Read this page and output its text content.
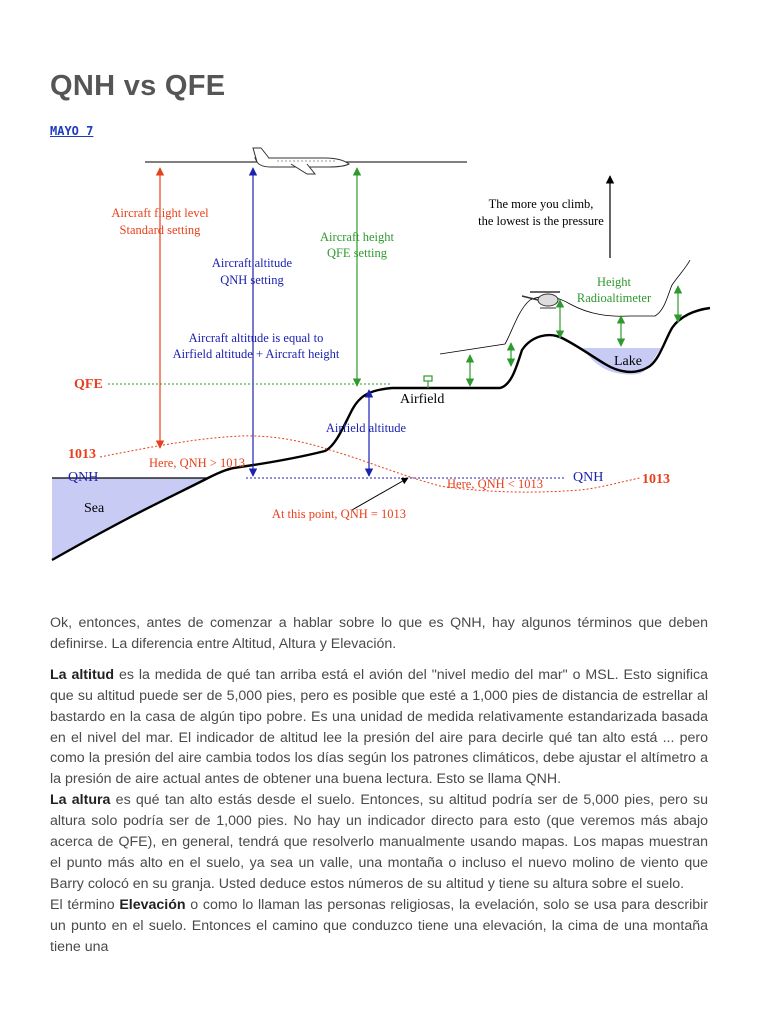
QNH vs QFE
MAYO 7
Aircraft flight level
Standard setting
Aircraft altitude
QNH setting
Aircraft height
QFE setting
Aircraft altitude is equal to
Airfield altitude + Aircraft height
The more you climb,
the lowest is the pressure
Height
Radioaltimeter
Airfield altitude
Here, QNH > 1013
Here, QNH < 1013
At this point, QNH = 1013
Lake
Airfield
Sea
QNH
QNH
QFE
1013
1013

Ok, entonces, antes de comenzar a hablar sobre lo que es QNH, hay algunos términos que deben definirse. La diferencia entre Altitud, Altura y Elevación.

La altitud es la medida de qué tan arriba está el avión del "nivel medio del mar" o MSL. Esto significa que su altitud puede ser de 5,000 pies, pero es posible que esté a 1,000 pies de distancia de estrellar al bastardo en la casa de algún tipo pobre. Es una unidad de medida relativamente estandarizada basada en el nivel del mar. El indicador de altitud lee la presión del aire para decirle qué tan alto está ... pero como la presión del aire cambia todos los días según los patrones climáticos, debe ajustar el altímetro a la presión de aire actual antes de obtener una buena lectura. Esto se llama QNH.

La altura es qué tan alto estás desde el suelo. Entonces, su altitud podría ser de 5,000 pies, pero su altura solo podría ser de 1,000 pies. No hay un indicador directo para esto (que veremos más abajo acerca de QFE), en general, tendrá que resolverlo manualmente usando mapas. Los mapas muestran el punto más alto en el suelo, ya sea un valle, una montaña o incluso el nuevo molino de viento que Barry colocó en su granja. Usted deduce estos números de su altitud y tiene su altura sobre el suelo.

El término Elevación o como lo llaman las personas religiosas, la evelación, solo se usa para describir un punto en el suelo. Entonces el camino que conduzco tiene una elevación, la cima de una montaña tiene una
